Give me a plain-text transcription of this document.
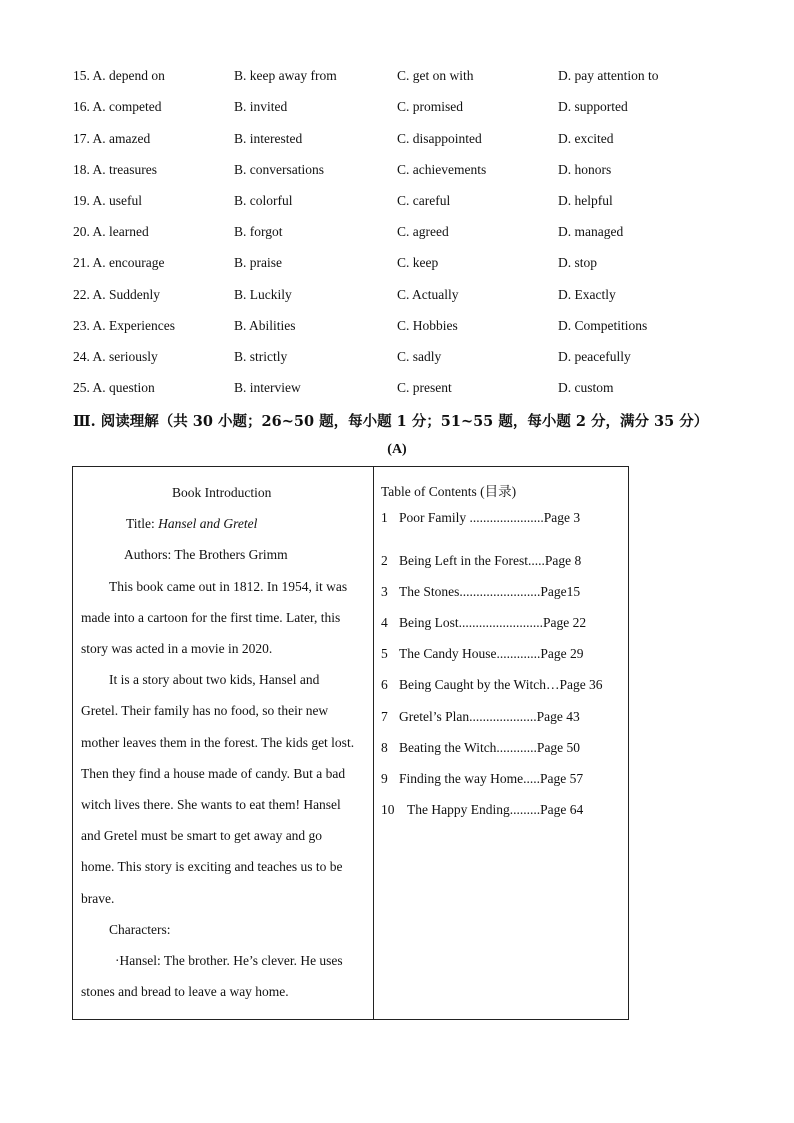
15. A. depend on	B. keep away from	C. get on with	D. pay attention to
16. A. competed	B. invited	C. promised	D. supported
17. A. amazed	B. interested	C. disappointed	D. excited
18. A. treasures	B. conversations	C. achievements	D. honors
19. A. useful	B. colorful	C. careful	D. helpful
20. A. learned	B. forgot	C. agreed	D. managed
21. A. encourage	B. praise	C. keep	D. stop
22. A. Suddenly	B. Luckily	C. Actually	D. Exactly
23. A. Experiences	B. Abilities	C. Hobbies	D. Competitions
24. A. seriously	B. strictly	C. sadly	D. peacefully
25. A. question	B. interview	C. present	D. custom
Ⅲ. 阅读理解（共 30 小题；26~50 题，每小题 1 分；51~55 题，每小题 2 分，满分 35 分）
(A)
Book Introduction
Title: Hansel and Gretel
Authors: The Brothers Grimm
This book came out in 1812. In 1954, it was
made into a cartoon for the first time. Later, this
story was acted in a movie in 2020.
It is a story about two kids, Hansel and
Gretel. Their family has no food, so their new
mother leaves them in the forest. The kids get lost.
Then they find a house made of candy. But a bad
witch lives there. She wants to eat them! Hansel
and Gretel must be smart to get away and go
home. This story is exciting and teaches us to be
brave.
Characters:
·Hansel: The brother. He’s clever. He uses
stones and bread to leave a way home.
Table of Contents (目录)
1 Poor Family ......................Page 3
2 Being Left in the Forest.....Page 8
3 The Stones........................Page15
4 Being Lost.........................Page 22
5 The Candy House.............Page 29
6 Being Caught by the Witch…Page 36
7 Gretel’s Plan....................Page 43
8 Beating the Witch............Page 50
9 Finding the way Home.....Page 57
10 The Happy Ending.........Page 64
